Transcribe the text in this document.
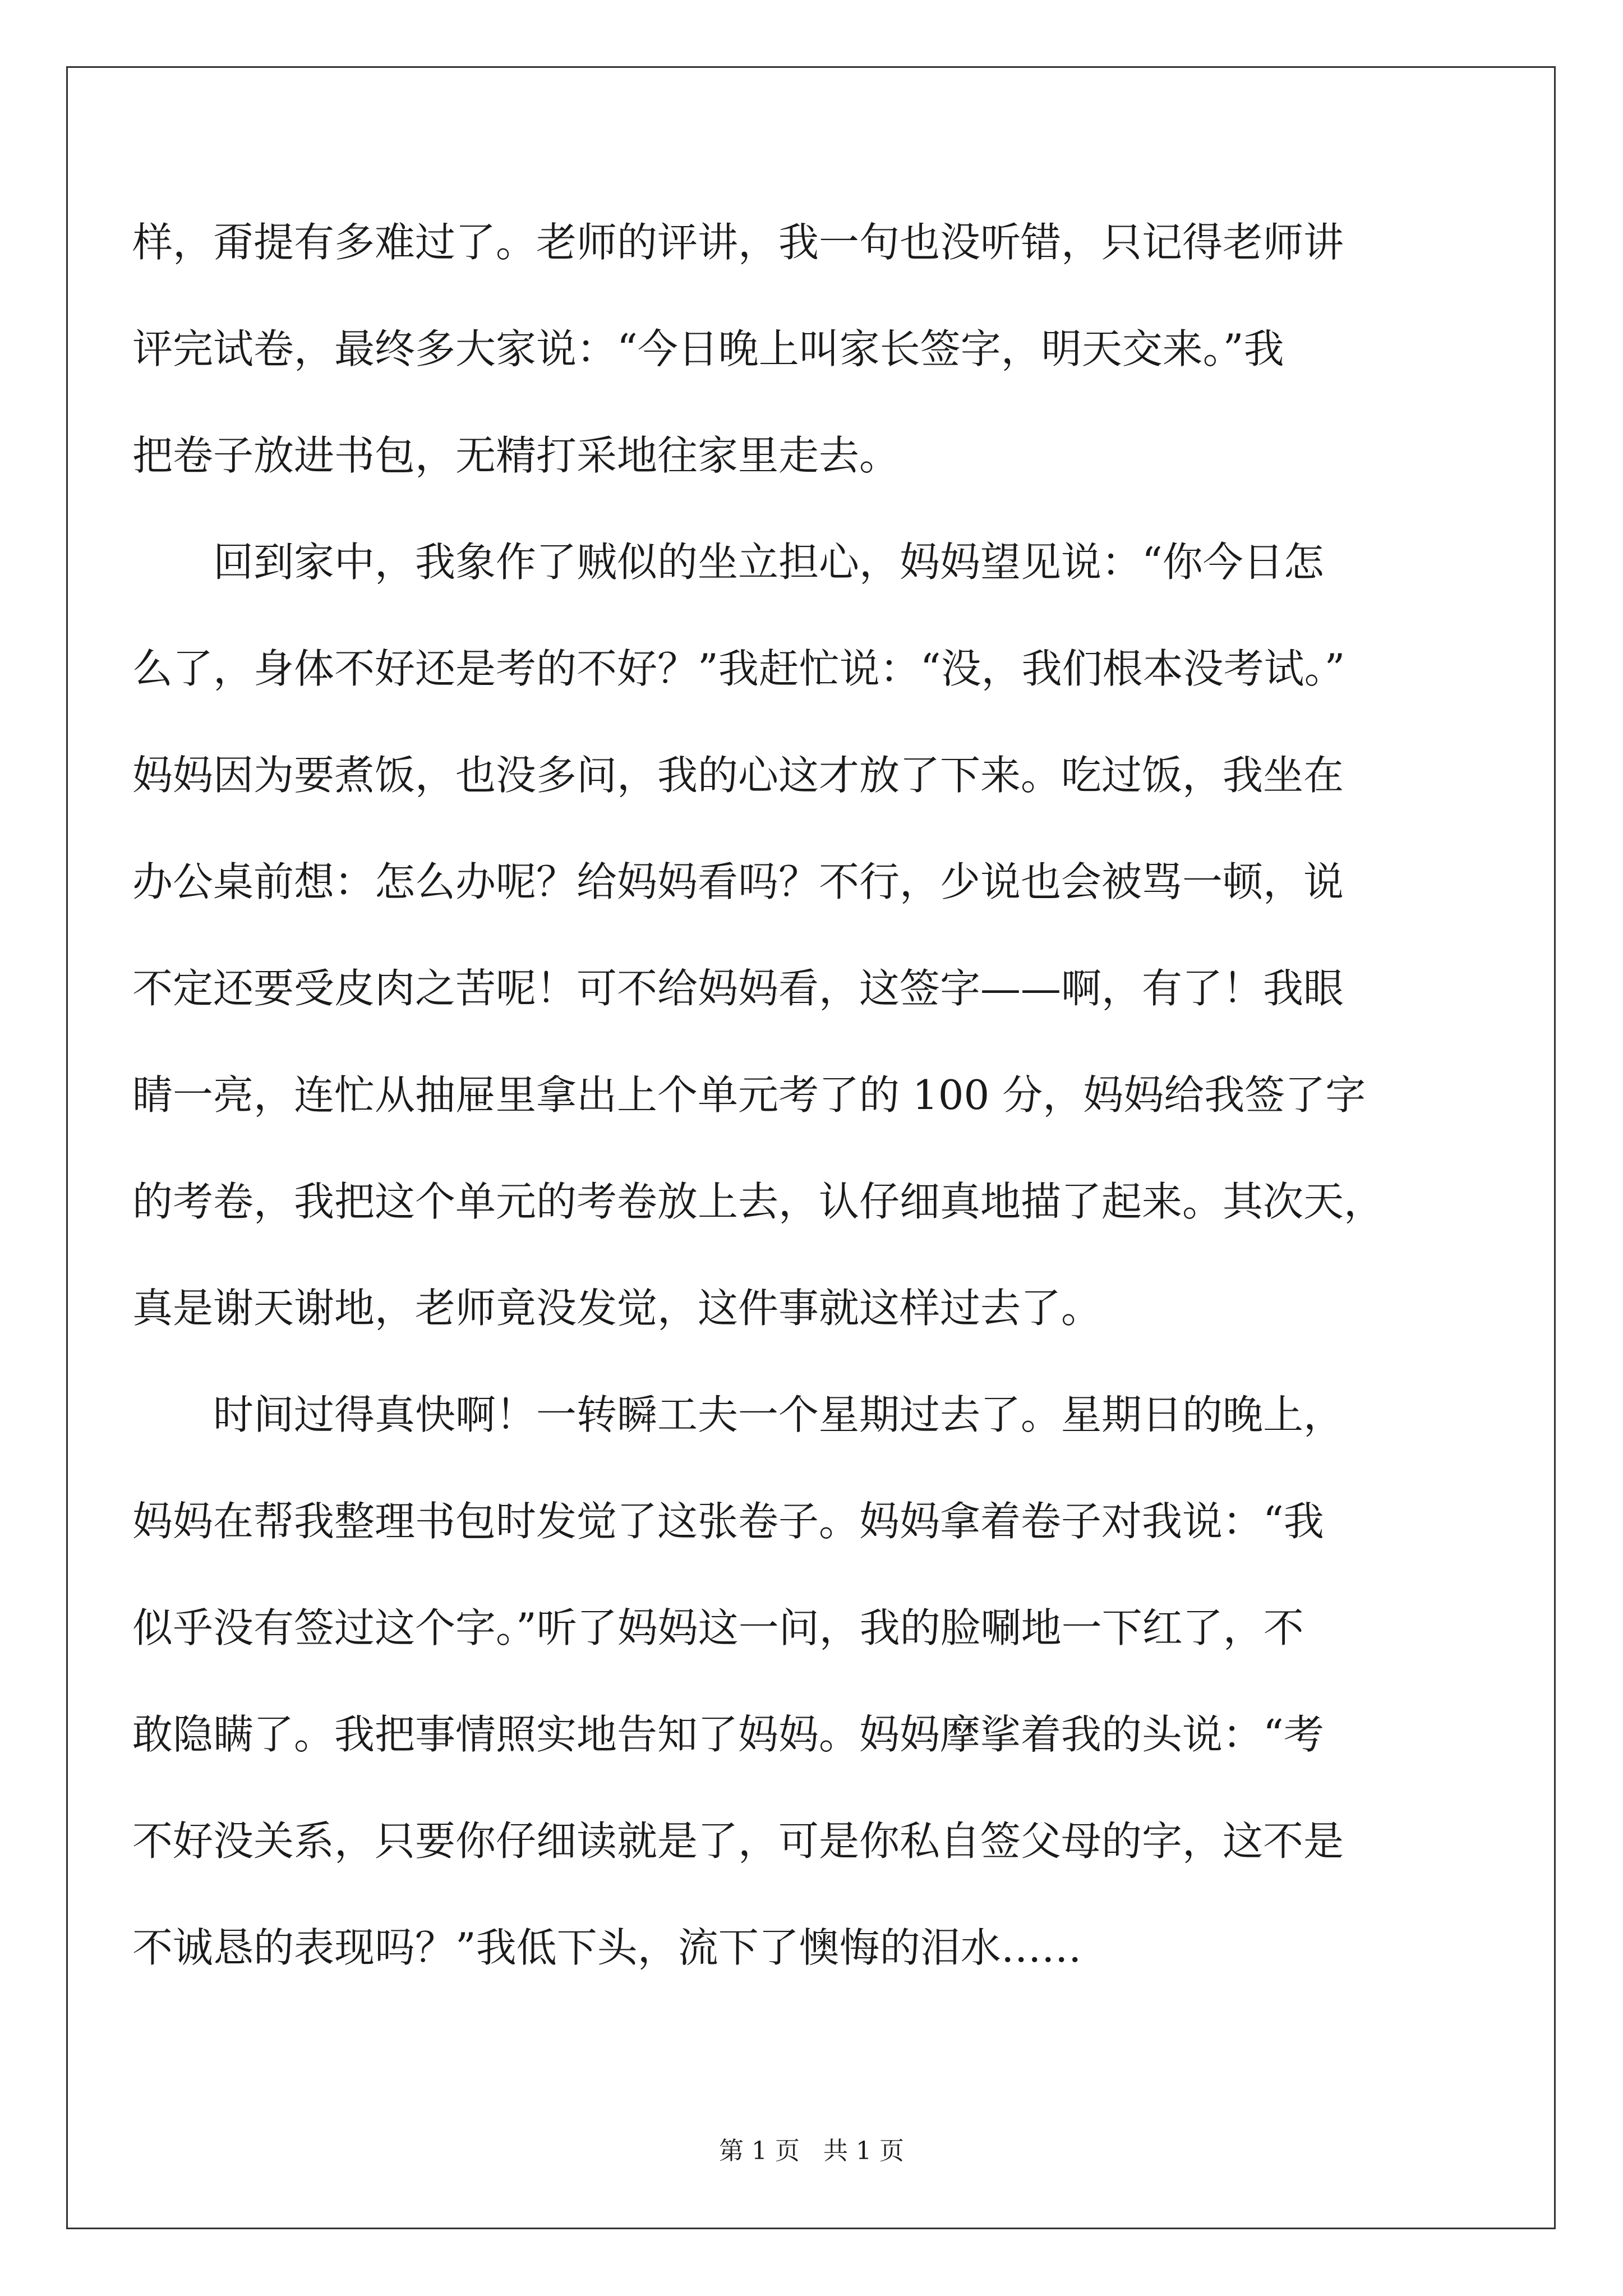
样，甭提有多难过了。老师的评讲，我一句也没听错，只记得老师讲
评完试卷，最终多大家说：“今日晚上叫家长签字，明天交来。”我
把卷子放进书包，无精打采地往家里走去。
　　回到家中，我象作了贼似的坐立担心，妈妈望见说：“你今日怎
么了，身体不好还是考的不好？”我赶忙说：“没，我们根本没考试。”
妈妈因为要煮饭，也没多问，我的心这才放了下来。吃过饭，我坐在
办公桌前想：怎么办呢？给妈妈看吗？不行，少说也会被骂一顿，说
不定还要受皮肉之苦呢！可不给妈妈看，这签字——啊，有了！我眼
睛一亮，连忙从抽屉里拿出上个单元考了的 100 分，妈妈给我签了字
的考卷，我把这个单元的考卷放上去，认仔细真地描了起来。其次天，
真是谢天谢地，老师竟没发觉，这件事就这样过去了。
　　时间过得真快啊！一转瞬工夫一个星期过去了。星期日的晚上，
妈妈在帮我整理书包时发觉了这张卷子。妈妈拿着卷子对我说：“我
似乎没有签过这个字。”听了妈妈这一问，我的脸唰地一下红了，不
敢隐瞒了。我把事情照实地告知了妈妈。妈妈摩挲着我的头说：“考
不好没关系，只要你仔细读就是了，可是你私自签父母的字，这不是
不诚恳的表现吗？”我低下头，流下了懊悔的泪水……
第 1 页 共 1 页
